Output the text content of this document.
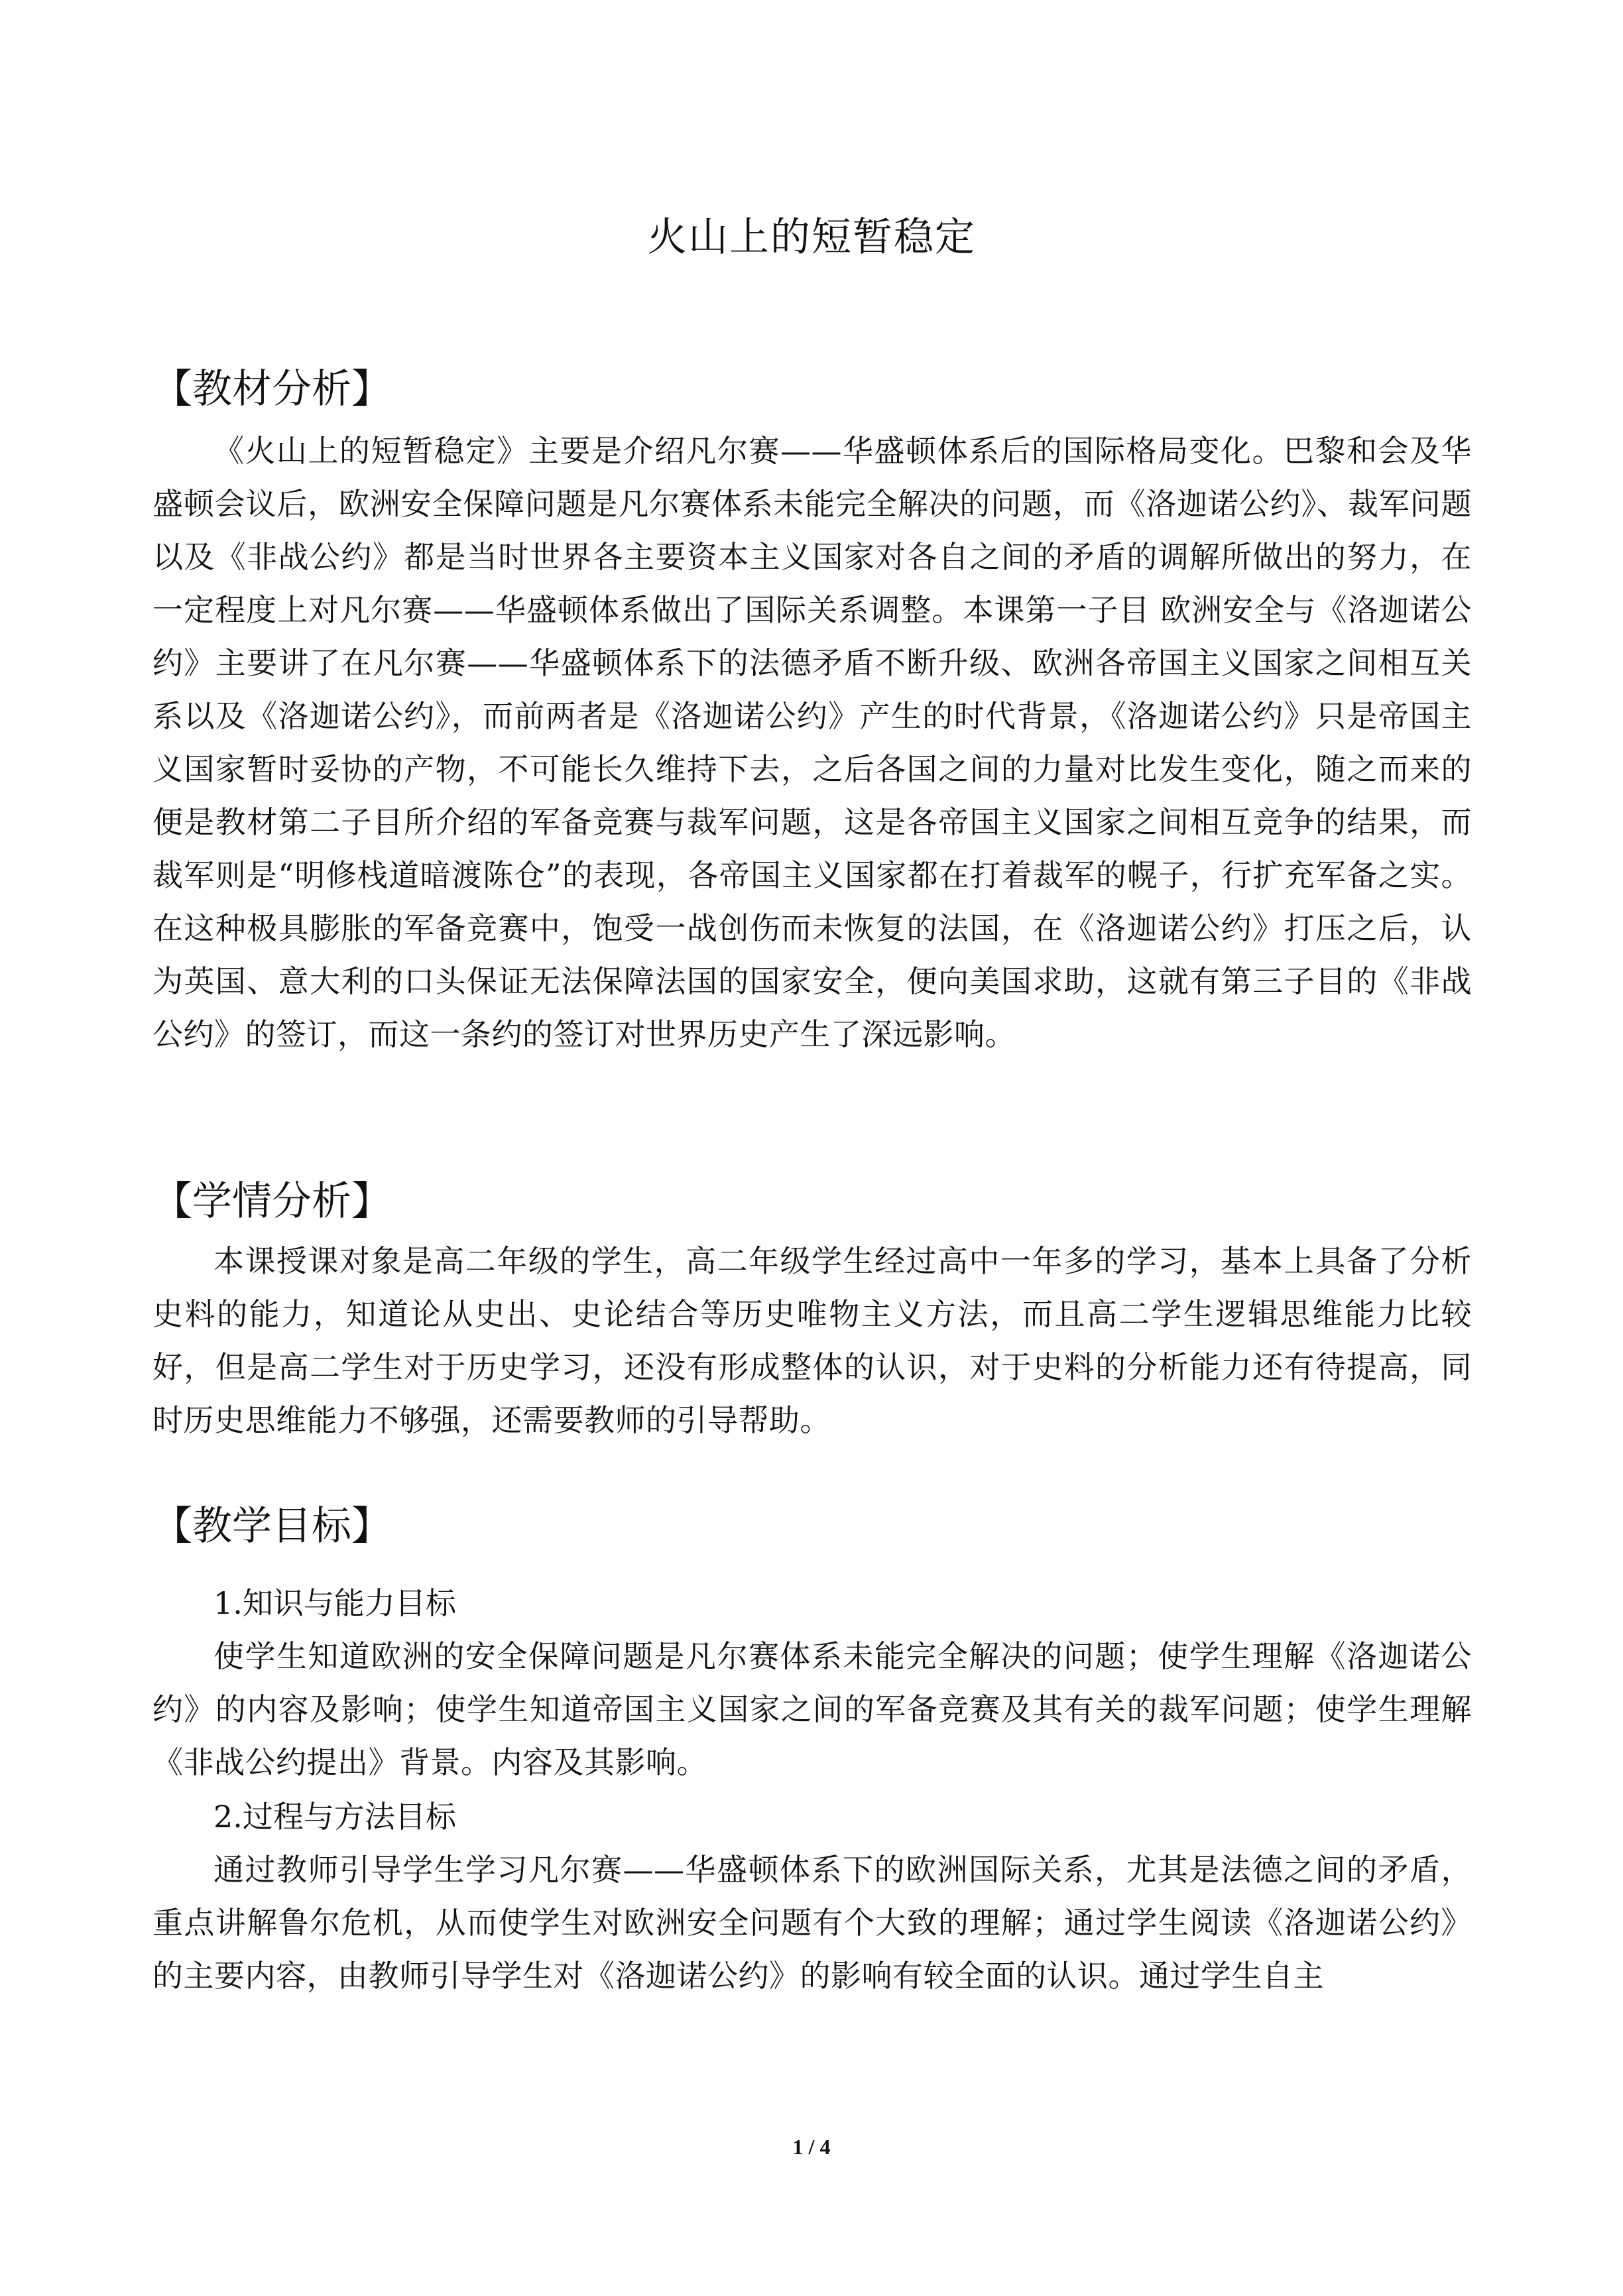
火山上的短暂稳定
【教材分析】
《火山上的短暂稳定》主要是介绍凡尔赛——华盛顿体系后的国际格局变化。巴黎和会及华盛顿会议后，欧洲安全保障问题是凡尔赛体系未能完全解决的问题，而《洛迦诺公约》、裁军问题以及《非战公约》都是当时世界各主要资本主义国家对各自之间的矛盾的调解所做出的努力，在一定程度上对凡尔赛——华盛顿体系做出了国际关系调整。本课第一子目 欧洲安全与《洛迦诺公约》主要讲了在凡尔赛——华盛顿体系下的法德矛盾不断升级、欧洲各帝国主义国家之间相互关系以及《洛迦诺公约》，而前两者是《洛迦诺公约》产生的时代背景，《洛迦诺公约》只是帝国主义国家暂时妥协的产物，不可能长久维持下去，之后各国之间的力量对比发生变化，随之而来的便是教材第二子目所介绍的军备竞赛与裁军问题，这是各帝国主义国家之间相互竞争的结果，而裁军则是“明修栈道暗渡陈仓”的表现，各帝国主义国家都在打着裁军的幌子，行扩充军备之实。在这种极具膨胀的军备竞赛中，饱受一战创伤而未恢复的法国，在《洛迦诺公约》打压之后，认为英国、意大利的口头保证无法保障法国的国家安全，便向美国求助，这就有第三子目的《非战公约》的签订，而这一条约的签订对世界历史产生了深远影响。
【学情分析】
本课授课对象是高二年级的学生，高二年级学生经过高中一年多的学习，基本上具备了分析史料的能力，知道论从史出、史论结合等历史唯物主义方法，而且高二学生逻辑思维能力比较好，但是高二学生对于历史学习，还没有形成整体的认识，对于史料的分析能力还有待提高，同时历史思维能力不够强，还需要教师的引导帮助。
【教学目标】
1.知识与能力目标
使学生知道欧洲的安全保障问题是凡尔赛体系未能完全解决的问题；使学生理解《洛迦诺公约》的内容及影响；使学生知道帝国主义国家之间的军备竞赛及其有关的裁军问题；使学生理解《非战公约提出》背景。内容及其影响。
2.过程与方法目标
通过教师引导学生学习凡尔赛——华盛顿体系下的欧洲国际关系，尤其是法德之间的矛盾，重点讲解鲁尔危机，从而使学生对欧洲安全问题有个大致的理解；通过学生阅读《洛迦诺公约》的主要内容，由教师引导学生对《洛迦诺公约》的影响有较全面的认识。通过学生自主
1 / 4
